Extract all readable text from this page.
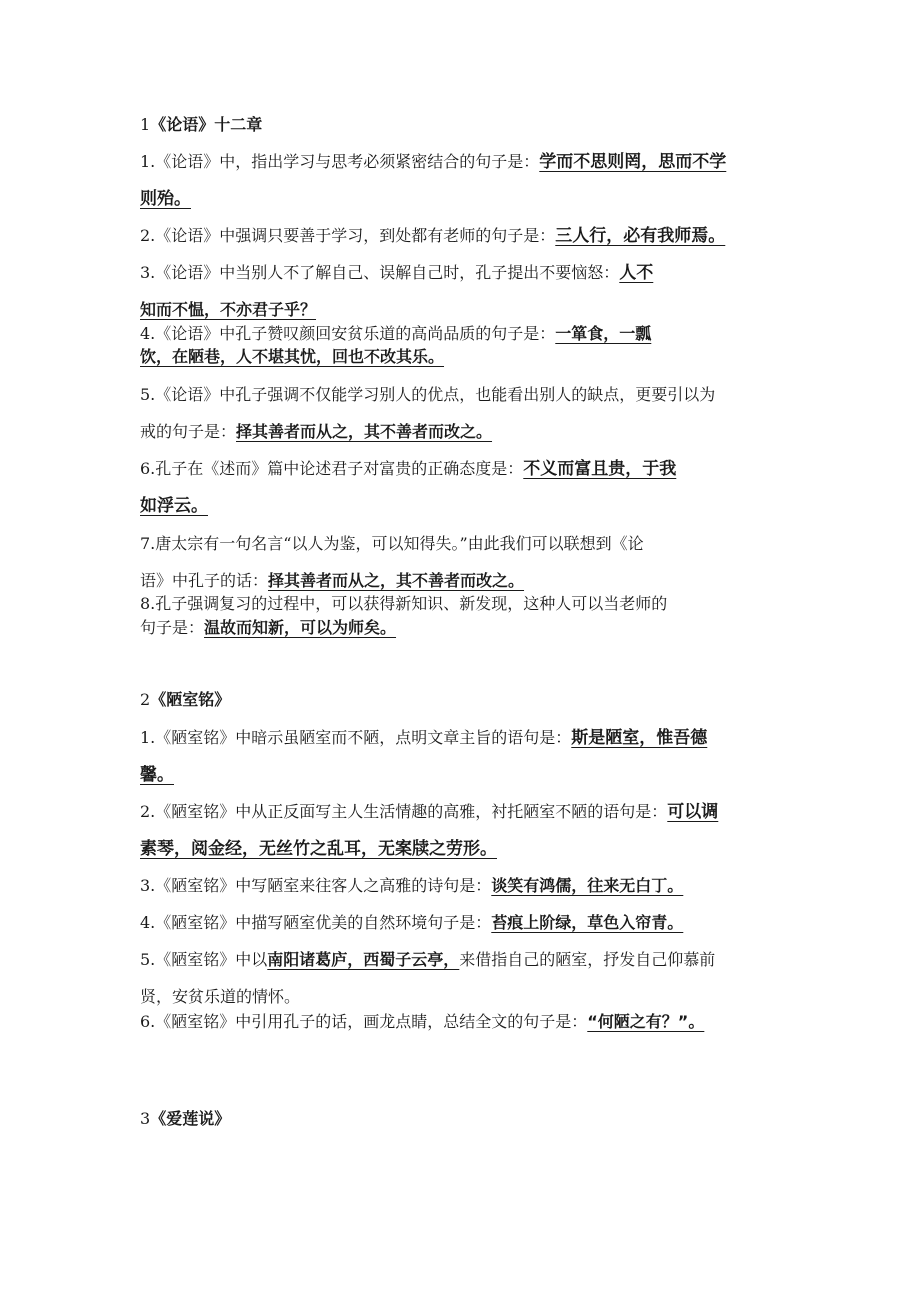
1《论语》十二章
1.《论语》中，指出学习与思考必须紧密结合的句子是：学而不思则罔，思而不学
则殆。
2.《论语》中强调只要善于学习，到处都有老师的句子是：三人行，必有我师焉。
3.《论语》中当别人不了解自己、误解自己时，孔子提出不要恼怒：人不
知而不愠，不亦君子乎？
4.《论语》中孔子赞叹颜回安贫乐道的高尚品质的句子是：一箪食，一瓢
饮，在陋巷，人不堪其忧，回也不改其乐。
5.《论语》中孔子强调不仅能学习别人的优点，也能看出别人的缺点，更要引以为
戒的句子是：择其善者而从之，其不善者而改之。
6.孔子在《述而》篇中论述君子对富贵的正确态度是：不义而富且贵，于我
如浮云。
7.唐太宗有一句名言“以人为鉴，可以知得失。”由此我们可以联想到《论
语》中孔子的话：择其善者而从之，其不善者而改之。
8.孔子强调复习的过程中，可以获得新知识、新发现，这种人可以当老师的
句子是：温故而知新，可以为师矣。
2《陋室铭》
1.《陋室铭》中暗示虽陋室而不陋，点明文章主旨的语句是：斯是陋室，惟吾德
馨。
2.《陋室铭》中从正反面写主人生活情趣的高雅，衬托陋室不陋的语句是：可以调
素琴，阅金经，无丝竹之乱耳，无案牍之劳形。
3.《陋室铭》中写陋室来往客人之高雅的诗句是：谈笑有鸿儒，往来无白丁。
4.《陋室铭》中描写陋室优美的自然环境句子是：苔痕上阶绿，草色入帘青。
5.《陋室铭》中以南阳诸葛庐，西蜀子云亭，来借指自己的陋室，抒发自己仰慕前
贤，安贫乐道的情怀。
6.《陋室铭》中引用孔子的话，画龙点睛，总结全文的句子是：“何陋之有？”。
3《爱莲说》
